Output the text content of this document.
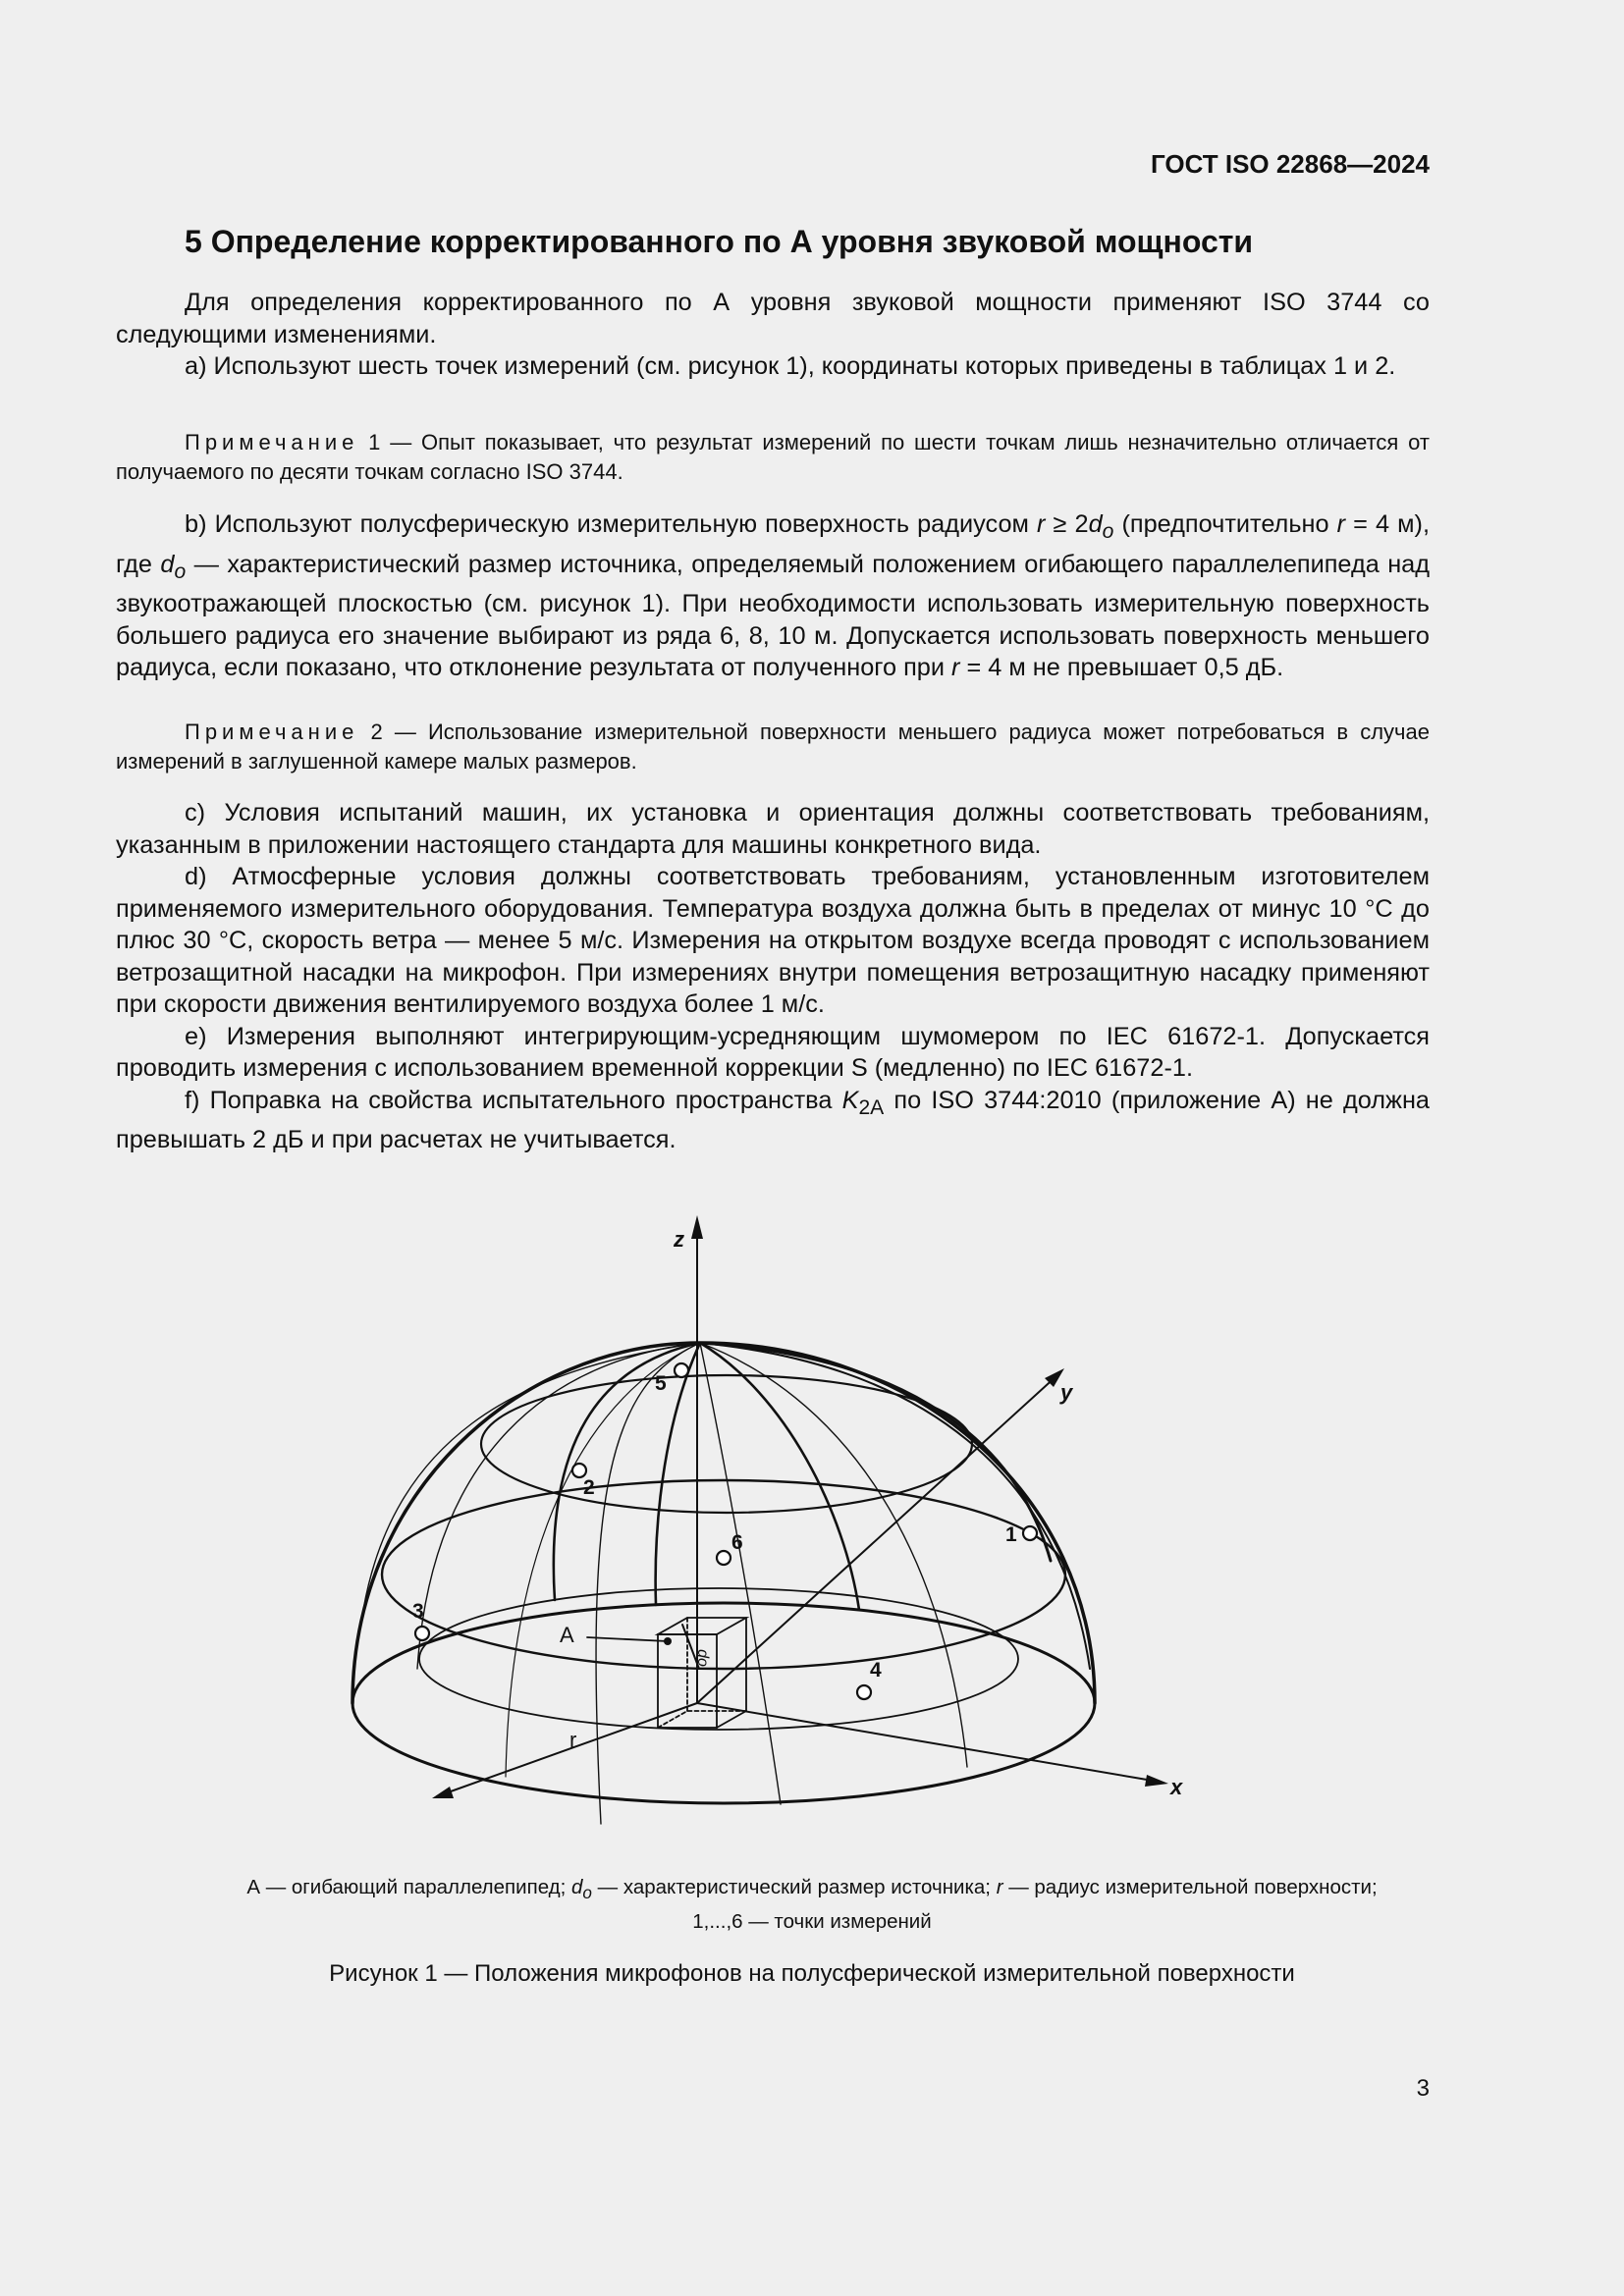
ГОСТ ISO 22868—2024
5 Определение корректированного по А уровня звуковой мощности

Для определения корректированного по А уровня звуковой мощности применяют ISO 3744 со следующими изменениями.

a) Используют шесть точек измерений (см. рисунок 1), координаты которых приведены в таблицах 1 и 2.

Примечание 1 — Опыт показывает, что результат измерений по шести точкам лишь незначительно отличается от получаемого по десяти точкам согласно ISO 3744.

b) Используют полусферическую измерительную поверхность радиусом $r \ge 2d_o$ (предпочтительно r = 4 м), где $d_o$ — характеристический размер источника, определяемый положением огибающего параллелепипеда над звукоотражающей плоскостью (см. рисунок 1). При необходимости использовать измерительную поверхность большего радиуса его значение выбирают из ряда 6, 8, 10 м. Допускается использовать поверхность меньшего радиуса, если показано, что отклонение результата от полученного при r = 4 м не превышает 0,5 дБ.

Примечание 2 — Использование измерительной поверхности меньшего радиуса может потребоваться в случае измерений в заглушенной камере малых размеров.

c) Условия испытаний машин, их установка и ориентация должны соответствовать требованиям, указанным в приложении настоящего стандарта для машины конкретного вида.

d) Атмосферные условия должны соответствовать требованиям, установленным изготовителем применяемого измерительного оборудования. Температура воздуха должна быть в пределах от минус 10 °С до плюс 30 °С, скорость ветра — менее 5 м/с. Измерения на открытом воздухе всегда проводят с использованием ветрозащитной насадки на микрофон. При измерениях внутри помещения ветрозащитную насадку применяют при скорости движения вентилируемого воздуха более 1 м/с.

e) Измерения выполняют интегрирующим-усредняющим шумомером по IEC 61672-1. Допускается проводить измерения с использованием временной коррекции S (медленно) по IEC 61672-1.

f) Поправка на свойства испытательного пространства $K_{2A}$ по ISO 3744:2010 (приложение А) не должна превышать 2 дБ и при расчетах не учитывается.

z
y
x
r
A
do
1
2
3
4
5
6
А — огибающий параллелепипед; $d_o$ — характеристический размер источника; r — радиус измерительной поверхности;
1,...,6 — точки измерений
Рисунок 1 — Положения микрофонов на полусферической измерительной поверхности
3
